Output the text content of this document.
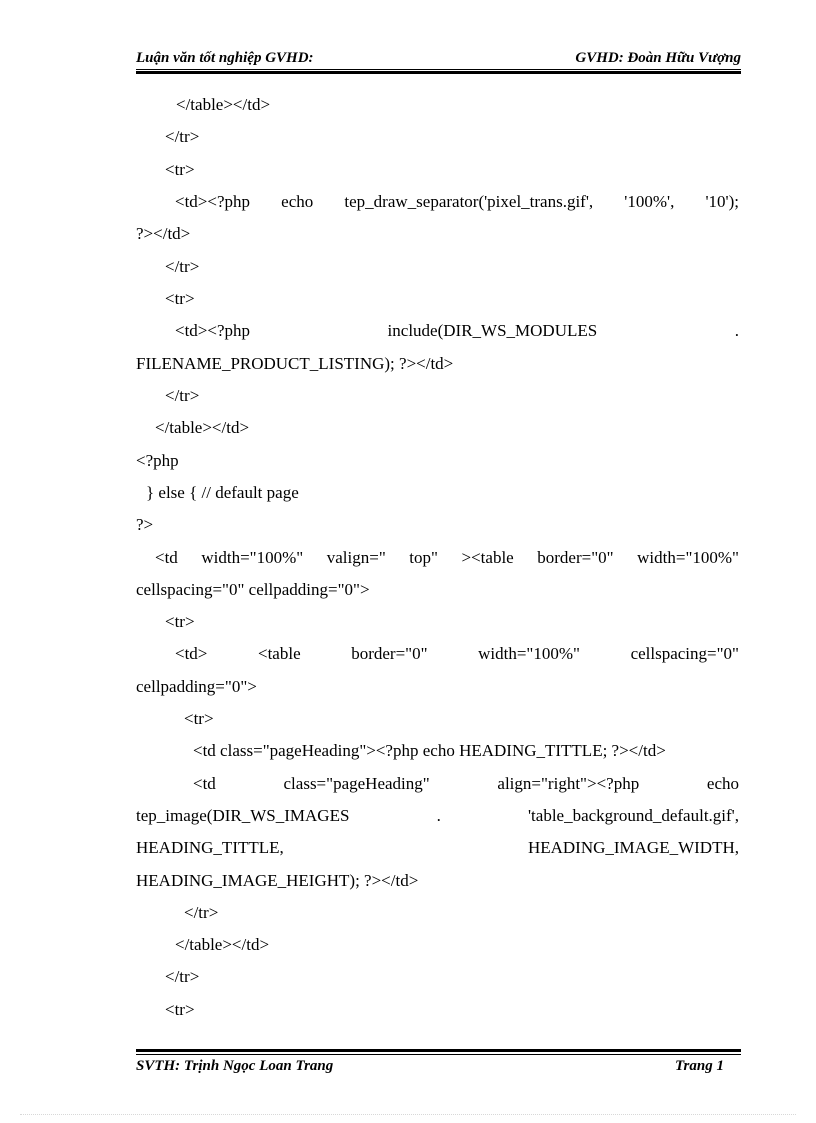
Luận văn tốt nghiệp GVHD:	GVHD: Đoàn Hữu Vượng
</table></td>
</tr>
<tr>
<td><?php echo tep_draw_separator('pixel_trans.gif', '100%', '10');
?></td>
</tr>
<tr>
<td><?php include(DIR_WS_MODULES .
FILENAME_PRODUCT_LISTING); ?></td>
</tr>
</table></td>
<?php
} else { // default page
?>
<td width="100%" valign=" top" ><table border="0" width="100%"
cellspacing="0" cellpadding="0">
<tr>
<td> <table border="0" width="100%" cellspacing="0"
cellpadding="0">
<tr>
<td class="pageHeading"><?php echo HEADING_TITTLE; ?></td>
<td class="pageHeading" align="right"><?php echo
tep_image(DIR_WS_IMAGES . 'table_background_default.gif',
HEADING_TITTLE, HEADING_IMAGE_WIDTH,
HEADING_IMAGE_HEIGHT); ?></td>
</tr>
</table></td>
</tr>
<tr>
SVTH: Trịnh Ngọc Loan Trang	Trang 1
